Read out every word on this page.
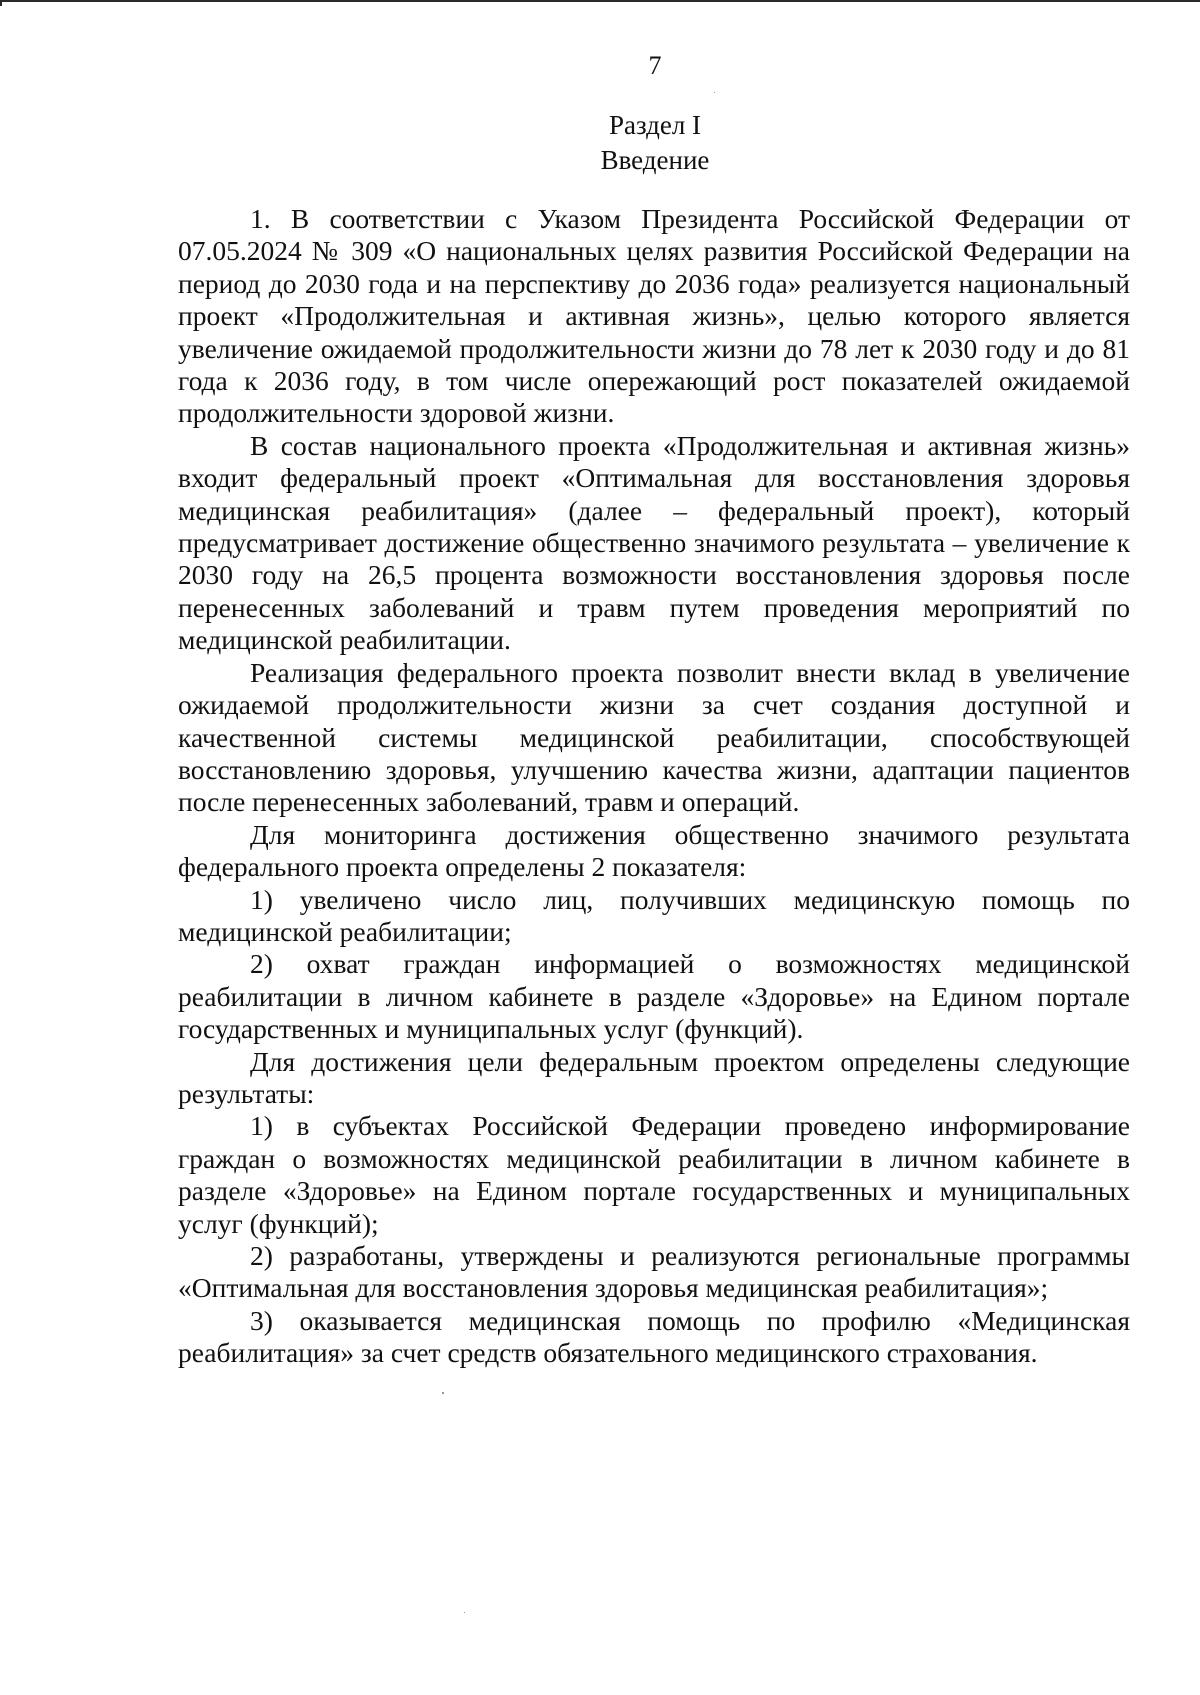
7
Раздел I
Введение

1. В соответствии с Указом Президента Российской Федерации от 07.05.2024 № 309 «О национальных целях развития Российской Федерации на период до 2030 года и на перспективу до 2036 года» реализуется национальный проект «Продолжительная и активная жизнь», целью которого является увеличение ожидаемой продолжительности жизни до 78 лет к 2030 году и до 81 года к 2036 году, в том числе опережающий рост показателей ожидаемой продолжительности здоровой жизни.

В состав национального проекта «Продолжительная и активная жизнь» входит федеральный проект «Оптимальная для восстановления здоровья медицинская реабилитация» (далее – федеральный проект), который предусматривает достижение общественно значимого результата – увеличение к 2030 году на 26,5 процента возможности восстановления здоровья после перенесенных заболеваний и травм путем проведения мероприятий по медицинской реабилитации.

Реализация федерального проекта позволит внести вклад в увеличение ожидаемой продолжительности жизни за счет создания доступной и качественной системы медицинской реабилитации, способствующей восстановлению здоровья, улучшению качества жизни, адаптации пациентов после перенесенных заболеваний, травм и операций.

Для мониторинга достижения общественно значимого результата федерального проекта определены 2 показателя:

1) увеличено число лиц, получивших медицинскую помощь по медицинской реабилитации;

2) охват граждан информацией о возможностях медицинской реабилитации в личном кабинете в разделе «Здоровье» на Едином портале государственных и муниципальных услуг (функций).

Для достижения цели федеральным проектом определены следующие результаты:

1) в субъектах Российской Федерации проведено информирование граждан о возможностях медицинской реабилитации в личном кабинете в разделе «Здоровье» на Едином портале государственных и муниципальных услуг (функций);

2) разработаны, утверждены и реализуются региональные программы «Оптимальная для восстановления здоровья медицинская реабилитация»;

3) оказывается медицинская помощь по профилю «Медицинская реабилитация» за счет средств обязательного медицинского страхования.
